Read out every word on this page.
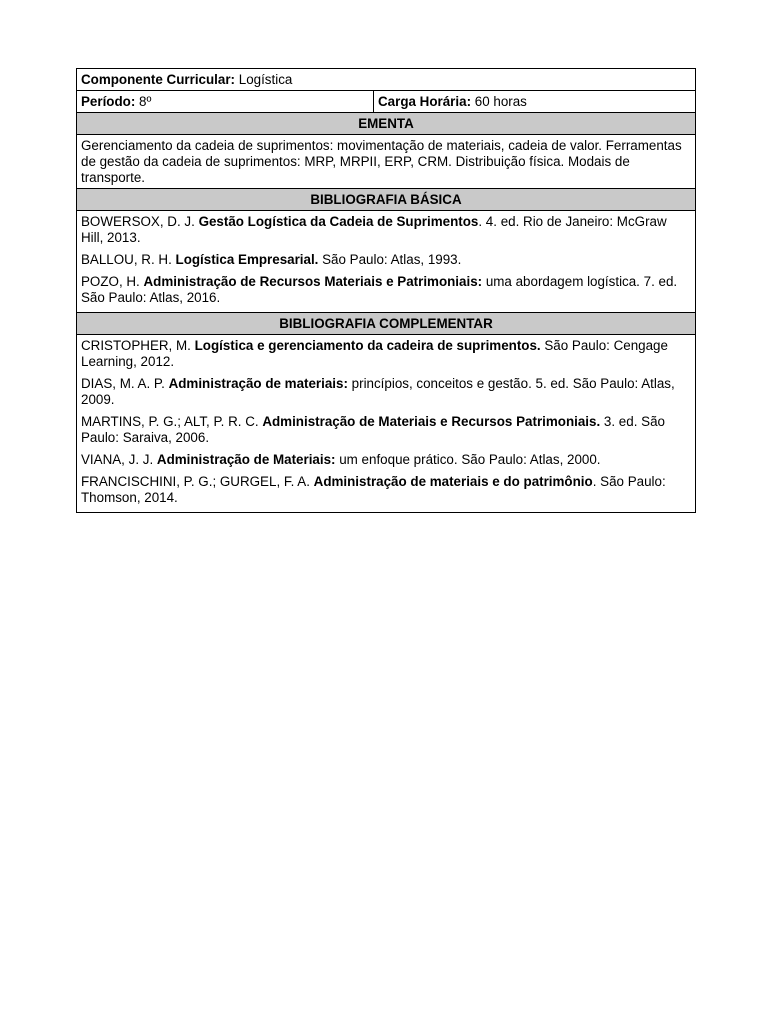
Componente Curricular: Logística
Período: 8º	Carga Horária: 60 horas
EMENTA
Gerenciamento da cadeia de suprimentos: movimentação de materiais, cadeia de valor. Ferramentas de gestão da cadeia de suprimentos: MRP, MRPII, ERP, CRM. Distribuição física. Modais de transporte.
BIBLIOGRAFIA BÁSICA

BOWERSOX, D. J. Gestão Logística da Cadeia de Suprimentos. 4. ed. Rio de Janeiro: McGraw Hill, 2013.

BALLOU, R. H. Logística Empresarial. São Paulo: Atlas, 1993.

POZO, H. Administração de Recursos Materiais e Patrimoniais: uma abordagem logística. 7. ed. São Paulo: Atlas, 2016.

BIBLIOGRAFIA COMPLEMENTAR

CRISTOPHER, M. Logística e gerenciamento da cadeira de suprimentos. São Paulo: Cengage Learning, 2012.

DIAS, M. A. P. Administração de materiais: princípios, conceitos e gestão. 5. ed. São Paulo: Atlas, 2009.

MARTINS, P. G.; ALT, P. R. C. Administração de Materiais e Recursos Patrimoniais. 3. ed. São Paulo: Saraiva, 2006.

VIANA, J. J. Administração de Materiais: um enfoque prático. São Paulo: Atlas, 2000.

FRANCISCHINI, P. G.; GURGEL, F. A. Administração de materiais e do patrimônio. São Paulo: Thomson, 2014.
